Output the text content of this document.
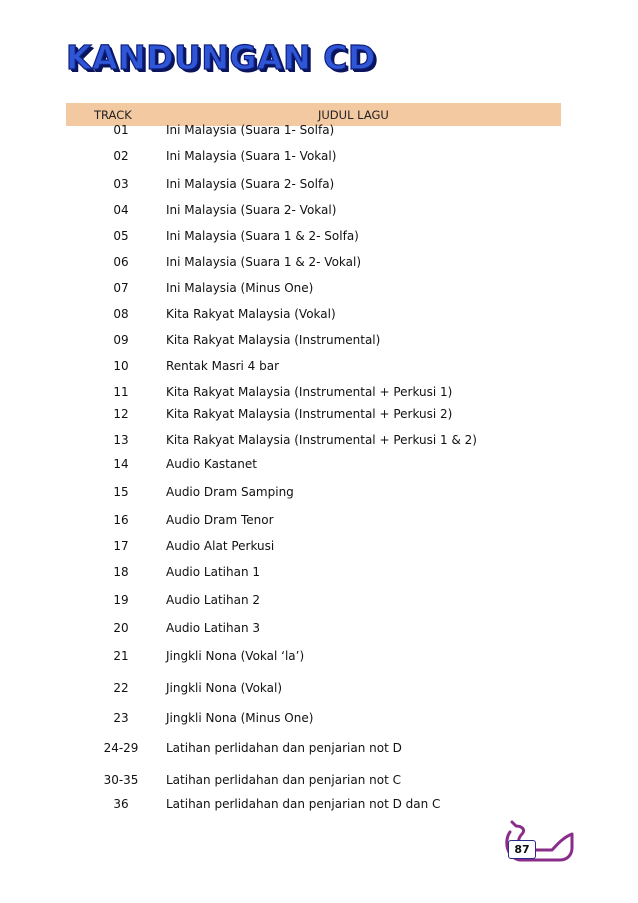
KANDUNGAN CD
TRACK	JUDUL LAGU
01	Ini Malaysia (Suara 1- Solfa)
02	Ini Malaysia (Suara 1- Vokal)
03	Ini Malaysia (Suara 2- Solfa)
04	Ini Malaysia (Suara 2- Vokal)
05	Ini Malaysia (Suara 1 & 2- Solfa)
06	Ini Malaysia (Suara 1 & 2- Vokal)
07	Ini Malaysia (Minus One)
08	Kita Rakyat Malaysia (Vokal)
09	Kita Rakyat Malaysia (Instrumental)
10	Rentak Masri 4 bar
11	Kita Rakyat Malaysia (Instrumental + Perkusi 1)
12	Kita Rakyat Malaysia (Instrumental + Perkusi 2)
13	Kita Rakyat Malaysia (Instrumental + Perkusi 1 & 2)
14	Audio Kastanet
15	Audio Dram Samping
16	Audio Dram Tenor
17	Audio Alat Perkusi
18	Audio Latihan 1
19	Audio Latihan 2
20	Audio Latihan 3
21	Jingkli Nona (Vokal ‘la’)
22	Jingkli Nona (Vokal)
23	Jingkli Nona (Minus One)
24-29	Latihan perlidahan dan penjarian not D
30-35	Latihan perlidahan dan penjarian not C
36	Latihan perlidahan dan penjarian not D dan C
87
